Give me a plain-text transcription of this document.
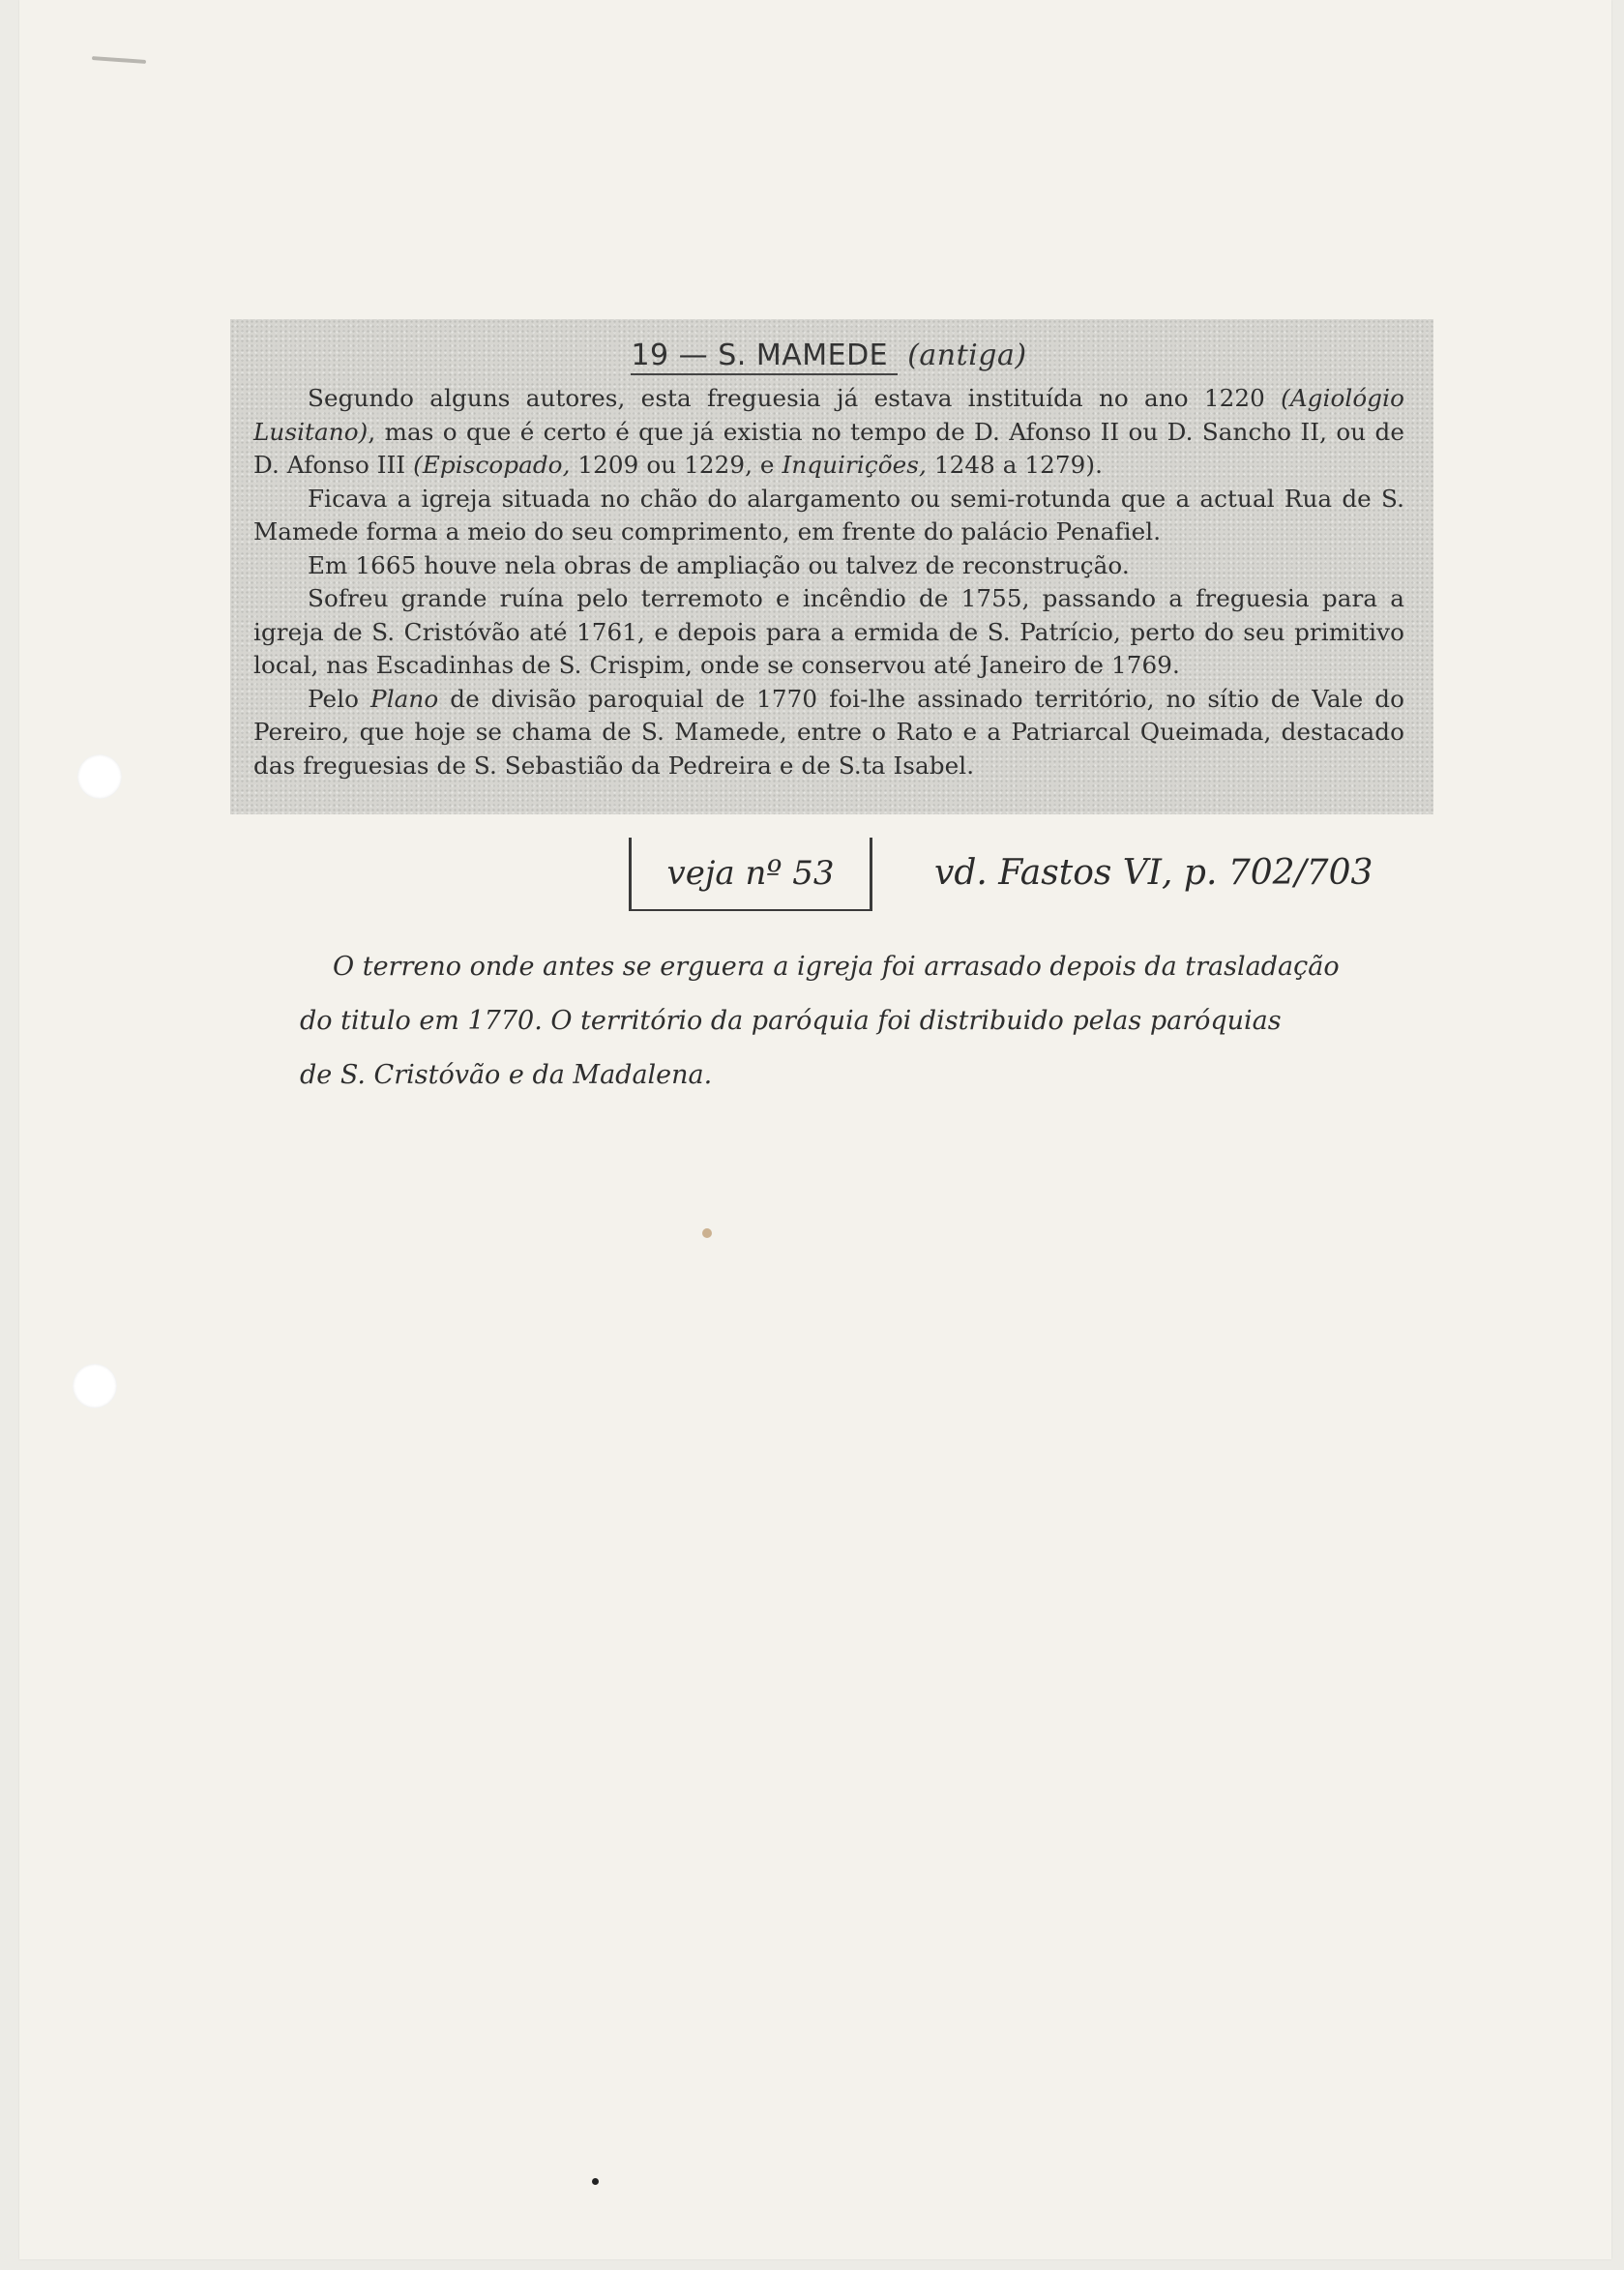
19 — S. MAMEDE (antiga)

Segundo alguns autores, esta freguesia já estava instituída no ano 1220 (Agiológio Lusitano), mas o que é certo é que já existia no tempo de D. Afonso II ou D. Sancho II, ou de D. Afonso III (Episcopado, 1209 ou 1229, e Inquirições, 1248 a 1279).

Ficava a igreja situada no chão do alargamento ou semi-rotunda que a actual Rua de S. Mamede forma a meio do seu comprimento, em frente do palácio Penafiel.

Em 1665 houve nela obras de ampliação ou talvez de reconstrução.

Sofreu grande ruína pelo terremoto e incêndio de 1755, passando a freguesia para a igreja de S. Cristóvão até 1761, e depois para a ermida de S. Patrício, perto do seu primitivo local, nas Escadinhas de S. Crispim, onde se conservou até Janeiro de 1769.

Pelo Plano de divisão paroquial de 1770 foi-lhe assinado território, no sítio de Vale do Pereiro, que hoje se chama de S. Mamede, entre o Rato e a Patriarcal Queimada, destacado das freguesias de S. Sebastião da Pedreira e de S.ta Isabel.

veja nº 53	vd. Fastos VI, p. 702/703
O terreno onde antes se erguera a igreja foi arrasado depois da trasladação
do titulo em 1770. O território da paróquia foi distribuido pelas paróquias
de S. Cristóvão e da Madalena.
